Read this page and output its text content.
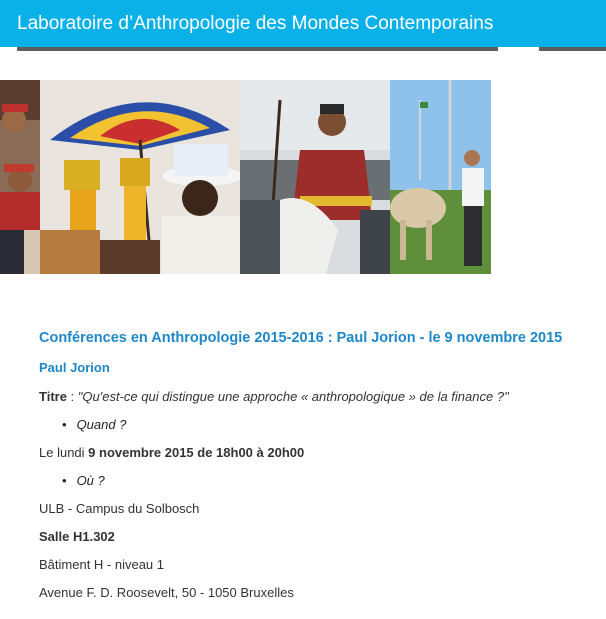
Laboratoire d’Anthropologie des Mondes Contemporains
Conférences en Anthropologie 2015-2016 : Paul Jorion - le 9 novembre 2015
Paul Jorion
Titre : "Qu'est-ce qui distingue une approche « anthropologique » de la finance ?"
• Quand ?
Le lundi 9 novembre 2015 de 18h00 à 20h00
• Où ?
ULB - Campus du Solbosch
Salle H1.302
Bâtiment H - niveau 1
Avenue F. D. Roosevelt, 50 - 1050 Bruxelles
